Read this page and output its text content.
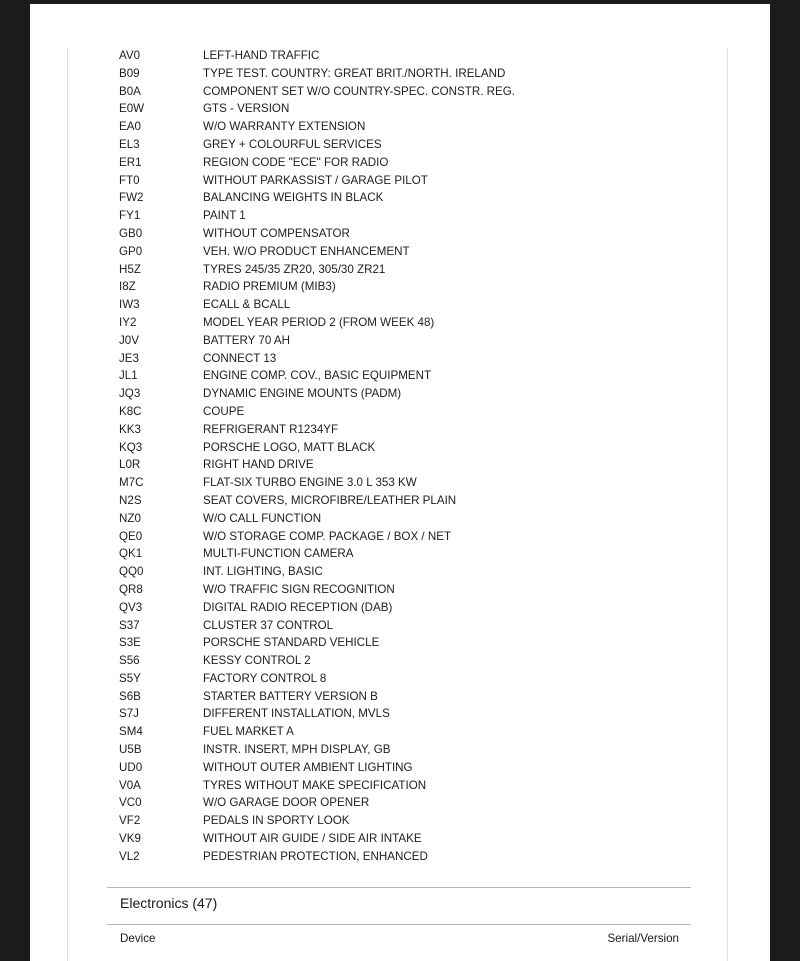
AV0	LEFT-HAND TRAFFIC
B09	TYPE TEST. COUNTRY: GREAT BRIT./NORTH. IRELAND
B0A	COMPONENT SET W/O COUNTRY-SPEC. CONSTR. REG.
E0W	GTS - VERSION
EA0	W/O WARRANTY EXTENSION
EL3	GREY + COLOURFUL SERVICES
ER1	REGION CODE "ECE" FOR RADIO
FT0	WITHOUT PARKASSIST / GARAGE PILOT
FW2	BALANCING WEIGHTS IN BLACK
FY1	PAINT 1
GB0	WITHOUT COMPENSATOR
GP0	VEH. W/O PRODUCT ENHANCEMENT
H5Z	TYRES 245/35 ZR20, 305/30 ZR21
I8Z	RADIO PREMIUM (MIB3)
IW3	ECALL & BCALL
IY2	MODEL YEAR PERIOD 2 (FROM WEEK 48)
J0V	BATTERY 70 AH
JE3	CONNECT 13
JL1	ENGINE COMP. COV., BASIC EQUIPMENT
JQ3	DYNAMIC ENGINE MOUNTS (PADM)
K8C	COUPE
KK3	REFRIGERANT R1234YF
KQ3	PORSCHE LOGO, MATT BLACK
L0R	RIGHT HAND DRIVE
M7C	FLAT-SIX TURBO ENGINE 3.0 L 353 KW
N2S	SEAT COVERS, MICROFIBRE/LEATHER PLAIN
NZ0	W/O CALL FUNCTION
QE0	W/O STORAGE COMP. PACKAGE / BOX / NET
QK1	MULTI-FUNCTION CAMERA
QQ0	INT. LIGHTING, BASIC
QR8	W/O TRAFFIC SIGN RECOGNITION
QV3	DIGITAL RADIO RECEPTION (DAB)
S37	CLUSTER 37 CONTROL
S3E	PORSCHE STANDARD VEHICLE
S56	KESSY CONTROL 2
S5Y	FACTORY CONTROL 8
S6B	STARTER BATTERY VERSION B
S7J	DIFFERENT INSTALLATION, MVLS
SM4	FUEL MARKET A
U5B	INSTR. INSERT, MPH DISPLAY, GB
UD0	WITHOUT OUTER AMBIENT LIGHTING
V0A	TYRES WITHOUT MAKE SPECIFICATION
VC0	W/O GARAGE DOOR OPENER
VF2	PEDALS IN SPORTY LOOK
VK9	WITHOUT AIR GUIDE / SIDE AIR INTAKE
VL2	PEDESTRIAN PROTECTION, ENHANCED
Electronics (47)
Device	Serial/Version
